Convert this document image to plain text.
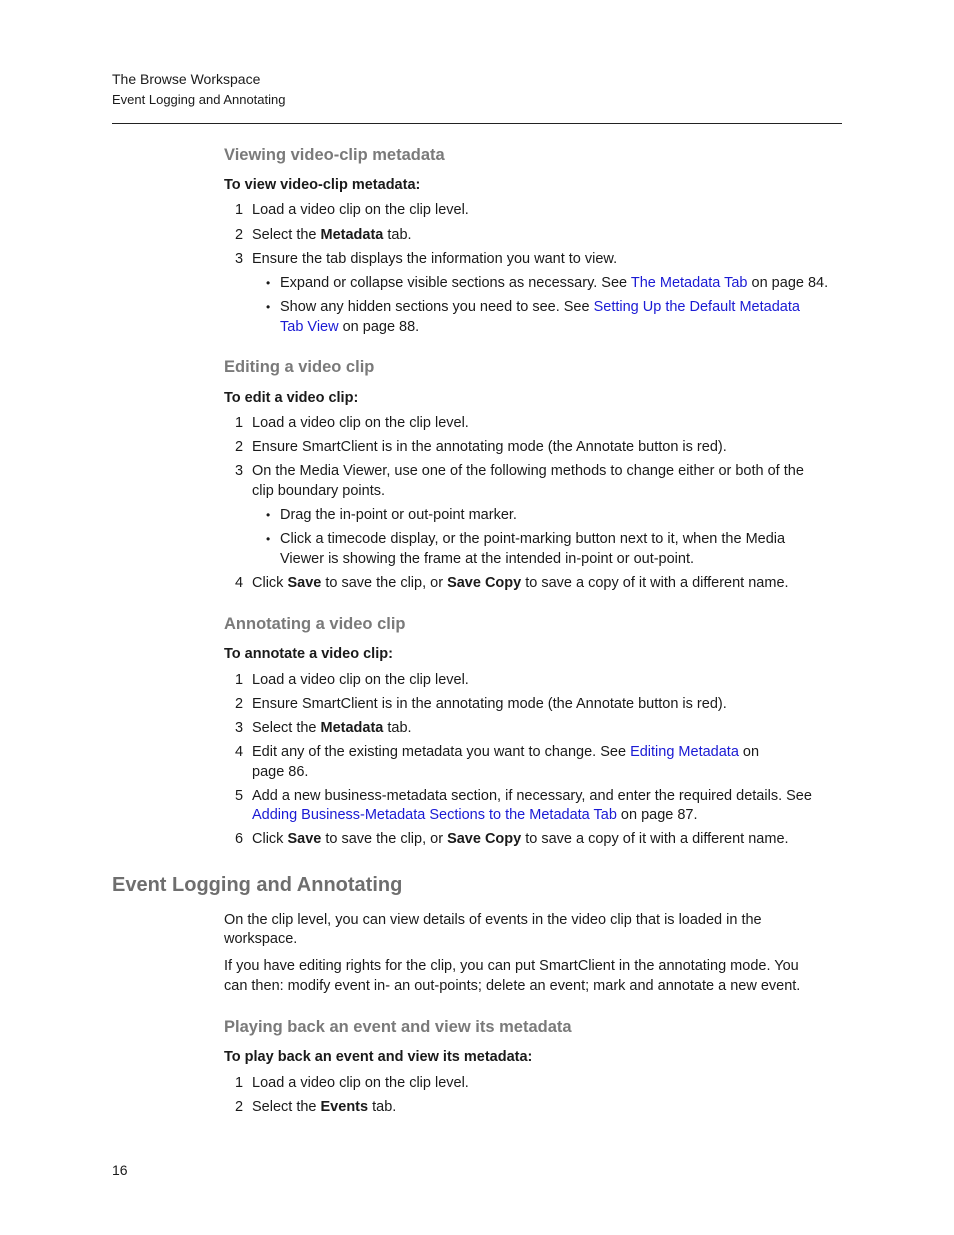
The Browse Workspace
Event Logging and Annotating
Viewing video-clip metadata
To view video-clip metadata:
1 Load a video clip on the clip level.
2 Select the Metadata tab.
3 Ensure the tab displays the information you want to view.
• Expand or collapse visible sections as necessary. See The Metadata Tab on page 84.
• Show any hidden sections you need to see. See Setting Up the Default Metadata
Tab View on page 88.
Editing a video clip
To edit a video clip:
1 Load a video clip on the clip level.
2 Ensure SmartClient is in the annotating mode (the Annotate button is red).
3 On the Media Viewer, use one of the following methods to change either or both of the
clip boundary points.
• Drag the in-point or out-point marker.
• Click a timecode display, or the point-marking button next to it, when the Media
Viewer is showing the frame at the intended in-point or out-point.
4 Click Save to save the clip, or Save Copy to save a copy of it with a different name.
Annotating a video clip
To annotate a video clip:
1 Load a video clip on the clip level.
2 Ensure SmartClient is in the annotating mode (the Annotate button is red).
3 Select the Metadata tab.
4 Edit any of the existing metadata you want to change. See Editing Metadata on
page 86.
5 Add a new business-metadata section, if necessary, and enter the required details. See
Adding Business-Metadata Sections to the Metadata Tab on page 87.
6 Click Save to save the clip, or Save Copy to save a copy of it with a different name.
Event Logging and Annotating
On the clip level, you can view details of events in the video clip that is loaded in the
workspace.
If you have editing rights for the clip, you can put SmartClient in the annotating mode. You
can then: modify event in- an out-points; delete an event; mark and annotate a new event.
Playing back an event and view its metadata
To play back an event and view its metadata:
1 Load a video clip on the clip level.
2 Select the Events tab.
16
